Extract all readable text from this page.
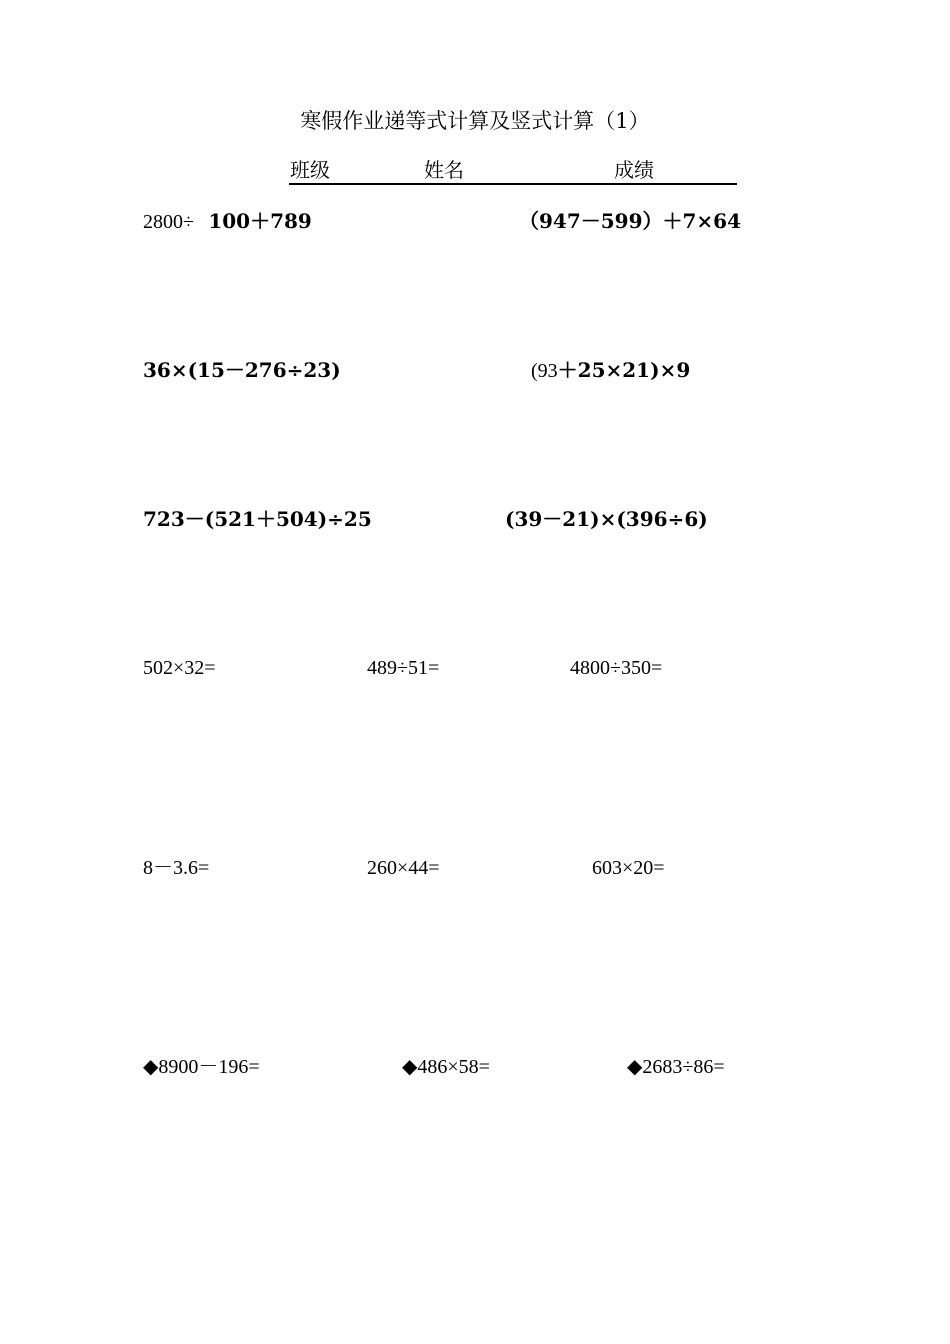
寒假作业递等式计算及竖式计算（1）
班级	姓名	成绩
2800÷ 100＋789	（947－599）＋7×64
36×(15－276÷23)	(93＋25×21)×9
723－(521＋504)÷25	(39－21)×(396÷6)
502×32=	489÷51=	4800÷350=
8－3.6=	260×44=	603×20=
◆8900－196=	◆486×58=	◆2683÷86=
